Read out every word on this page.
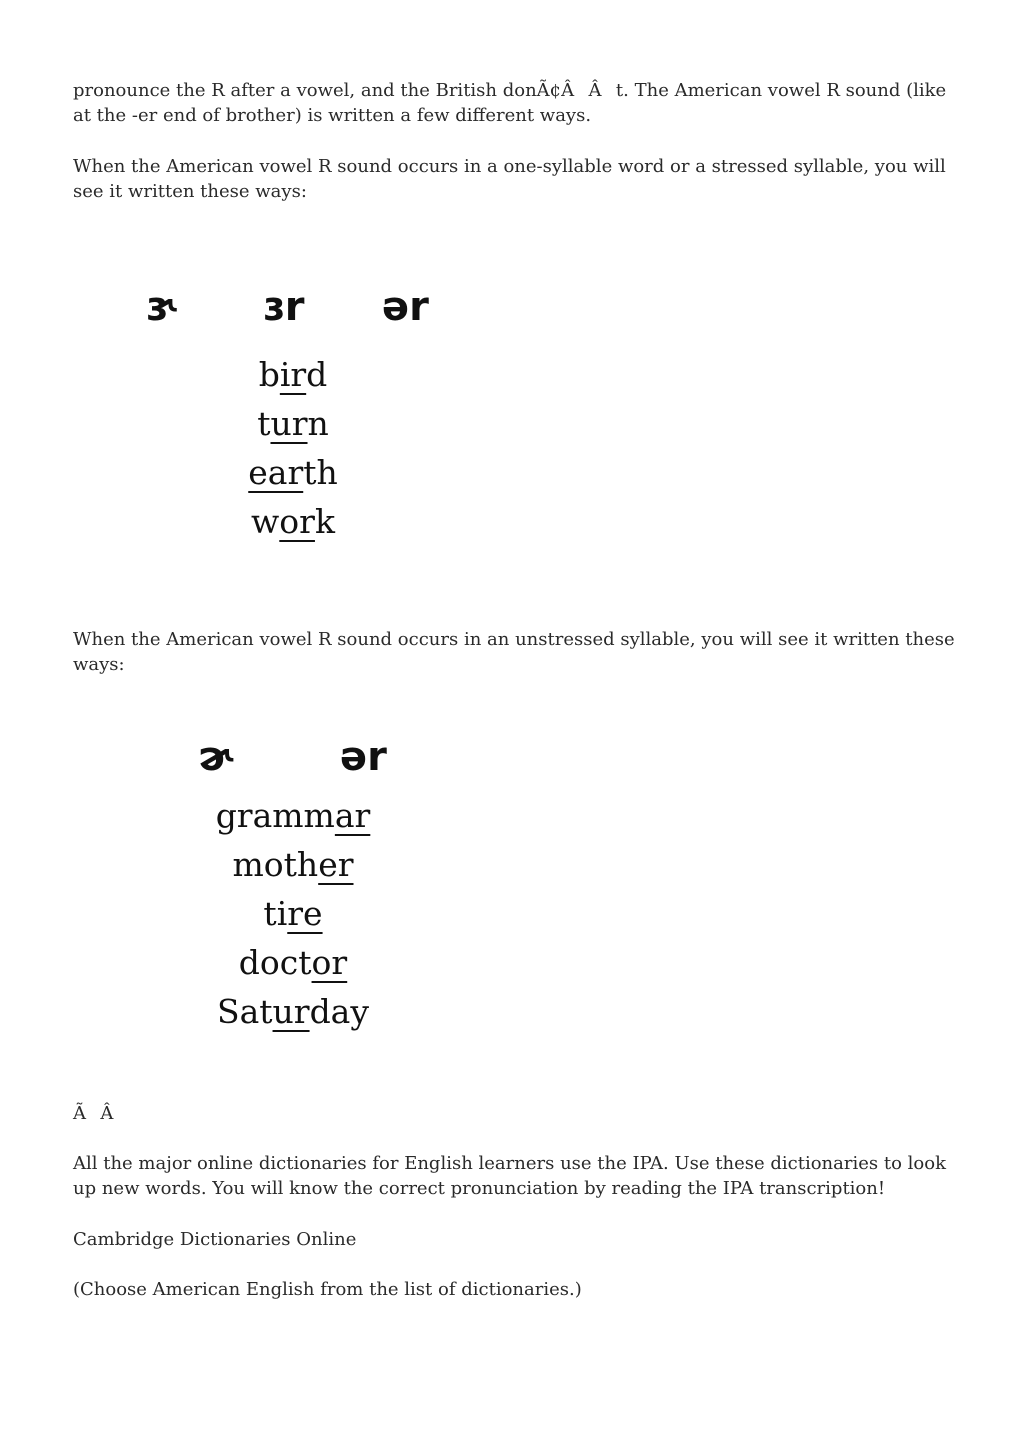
pronounce the R after a vowel, and the British donÃ¢ÂÂt. The American vowel R sound (like at the -er end of brother) is written a few different ways.

When the American vowel R sound occurs in a one-syllable word or a stressed syllable, you will see it written these ways:

ɝ ɜr ər
bird
turn
earth
work

When the American vowel R sound occurs in an unstressed syllable, you will see it written these ways:

ɚ	ər
grammar
mother
tire
doctor
Saturday

ÃÂ

All the major online dictionaries for English learners use the IPA. Use these dictionaries to look up new words. You will know the correct pronunciation by reading the IPA transcription!

Cambridge Dictionaries Online

(Choose American English from the list of dictionaries.)
